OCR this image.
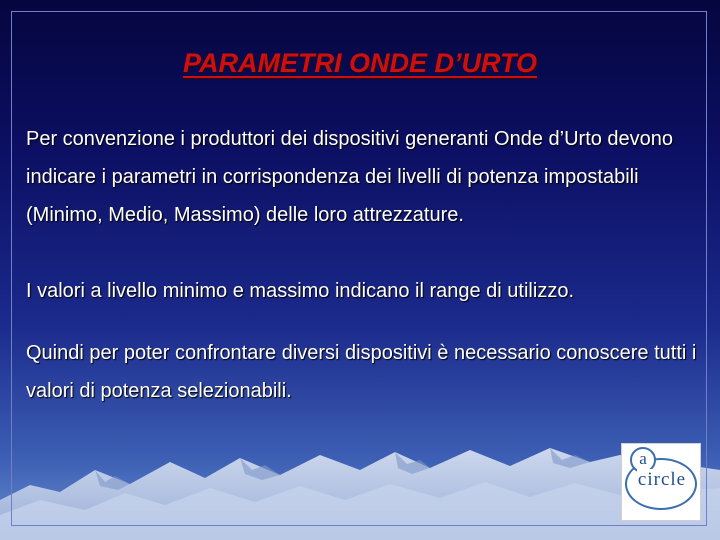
PARAMETRI ONDE D’URTO

Per convenzione i produttori dei dispositivi generanti Onde d’Urto devono indicare i parametri in corrispondenza dei livelli di potenza impostabili (Minimo, Medio, Massimo) delle loro attrezzature.

I valori a livello minimo e massimo indicano il range di utilizzo.

Quindi per poter confrontare diversi dispositivi è necessario conoscere tutti i valori di potenza selezionabili.

a
circle
